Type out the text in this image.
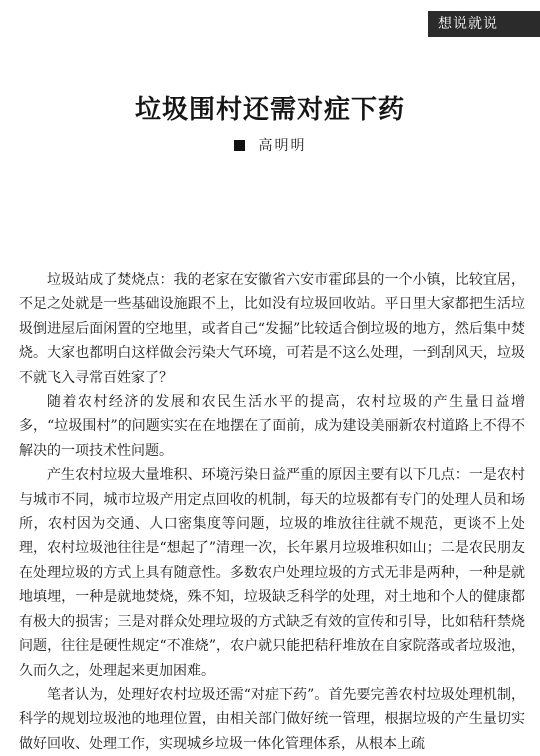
想说就说
垃圾围村还需对症下药
高明明

垃圾站成了焚烧点：我的老家在安徽省六安市霍邱县的一个小镇，比较宜居，不足之处就是一些基础设施跟不上，比如没有垃圾回收站。平日里大家都把生活垃圾倒进屋后面闲置的空地里，或者自己“发掘”比较适合倒垃圾的地方，然后集中焚烧。大家也都明白这样做会污染大气环境，可若是不这么处理，一到刮风天，垃圾不就飞入寻常百姓家了？

随着农村经济的发展和农民生活水平的提高，农村垃圾的产生量日益增多，“垃圾围村”的问题实实在在地摆在了面前，成为建设美丽新农村道路上不得不解决的一项技术性问题。

产生农村垃圾大量堆积、环境污染日益严重的原因主要有以下几点：一是农村与城市不同，城市垃圾产用定点回收的机制，每天的垃圾都有专门的处理人员和场所，农村因为交通、人口密集度等问题，垃圾的堆放往往就不规范，更谈不上处理，农村垃圾池往往是“想起了”清理一次，长年累月垃圾堆积如山；二是农民朋友在处理垃圾的方式上具有随意性。多数农户处理垃圾的方式无非是两种，一种是就地填埋，一种是就地焚烧，殊不知，垃圾缺乏科学的处理，对土地和个人的健康都有极大的损害；三是对群众处理垃圾的方式缺乏有效的宣传和引导，比如秸秆禁烧问题，往往是硬性规定“不准烧”，农户就只能把秸秆堆放在自家院落或者垃圾池，久而久之，处理起来更加困难。

笔者认为，处理好农村垃圾还需“对症下药”。首先要完善农村垃圾处理机制，科学的规划垃圾池的地理位置，由相关部门做好统一管理，根据垃圾的产生量切实做好回收、处理工作，实现城乡垃圾一体化管理体系，从根本上疏
